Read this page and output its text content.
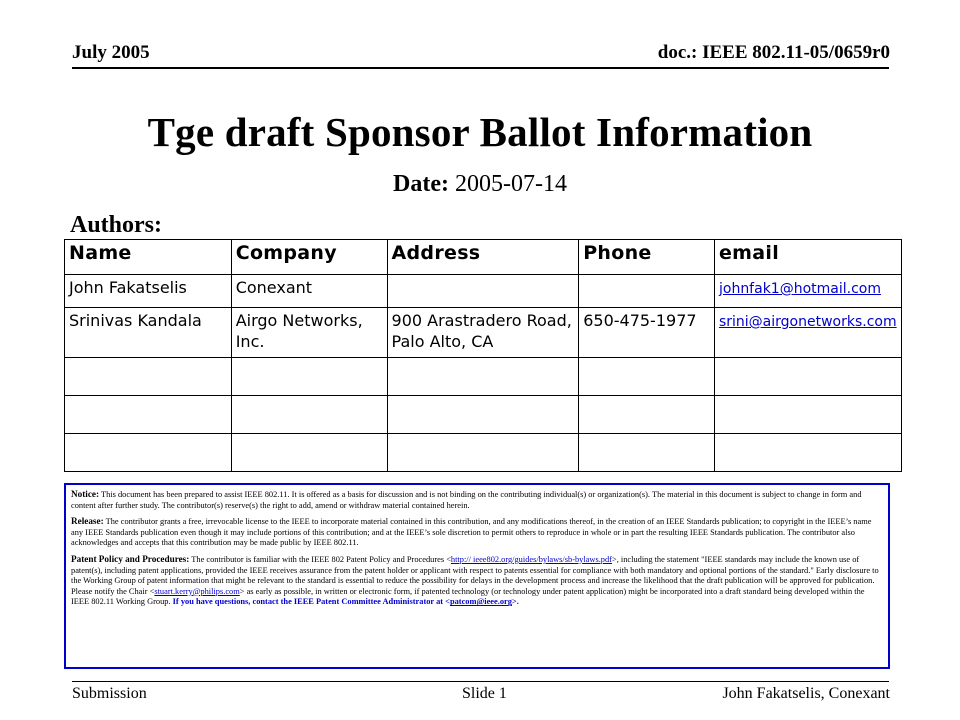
July 2005	doc.: IEEE 802.11-05/0659r0
Tge draft Sponsor Ballot Information
Date: 2005-07-14
Authors:
Name	Company	Address	Phone	email
John Fakatselis	Conexant			johnfak1@hotmail.com
Srinivas Kandala	Airgo Networks, Inc.	900 Arastradero Road, Palo Alto, CA	650-475-1977	srini@airgonetworks.com

Notice: This document has been prepared to assist IEEE 802.11. It is offered as a basis for discussion and is not binding on the contributing individual(s) or organization(s). The material in this document is subject to change in form and content after further study. The contributor(s) reserve(s) the right to add, amend or withdraw material contained herein.

Release: The contributor grants a free, irrevocable license to the IEEE to incorporate material contained in this contribution, and any modifications thereof, in the creation of an IEEE Standards publication; to copyright in the IEEE’s name any IEEE Standards publication even though it may include portions of this contribution; and at the IEEE’s sole discretion to permit others to reproduce in whole or in part the resulting IEEE Standards publication. The contributor also acknowledges and accepts that this contribution may be made public by IEEE 802.11.

Patent Policy and Procedures: The contributor is familiar with the IEEE 802 Patent Policy and Procedures <http:// ieee802.org/guides/bylaws/sb-bylaws.pdf>, including the statement "IEEE standards may include the known use of patent(s), including patent applications, provided the IEEE receives assurance from the patent holder or applicant with respect to patents essential for compliance with both mandatory and optional portions of the standard." Early disclosure to the Working Group of patent information that might be relevant to the standard is essential to reduce the possibility for delays in the development process and increase the likelihood that the draft publication will be approved for publication. Please notify the Chair <stuart.kerry@philips.com> as early as possible, in written or electronic form, if patented technology (or technology under patent application) might be incorporated into a draft standard being developed within the IEEE 802.11 Working Group. If you have questions, contact the IEEE Patent Committee Administrator at <patcom@ieee.org>.

Submission	Slide 1	John Fakatselis, Conexant
